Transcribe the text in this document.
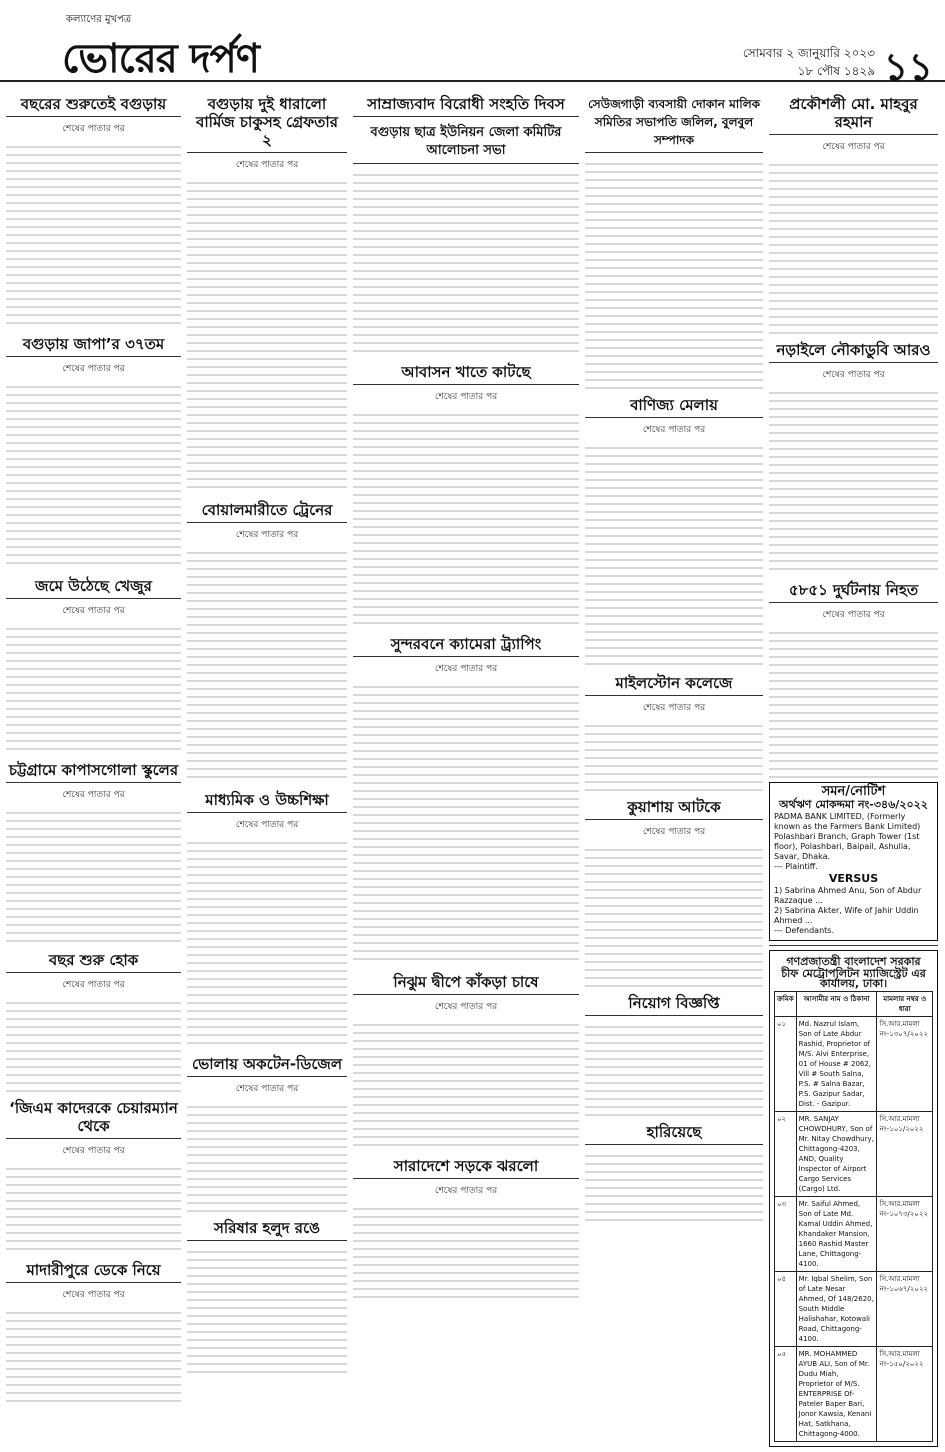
কল্যাণের মুখপত্র
ভোরের দর্পণ	সোমবার ২ জানুয়ারি ২০২৩
১৮ পৌষ ১৪২৯ ১১
বছরের শুরুতেই বগুড়ায়
শেষের পাতার পর
বগুড়ায় জাপা’র ৩৭তম
শেষের পাতার পর
জমে উঠেছে খেজুর
শেষের পাতার পর
চট্টগ্রামে কাপাসগোলা স্কুলের
শেষের পাতার পর
বছর শুরু হোক
শেষের পাতার পর
‘জিএম কাদেরকে চেয়ারম্যান থেকে
শেষের পাতার পর
মাদারীপুরে ডেকে নিয়ে
শেষের পাতার পর
বগুড়ায় দুই ধারালো বার্মিজ চাকুসহ গ্রেফতার ২
শেষের পাতার পর
বোয়ালমারীতে ট্রেনের
শেষের পাতার পর
মাধ্যমিক ও উচ্চশিক্ষা
শেষের পাতার পর
ভোলায় অকটেন-ডিজেল
শেষের পাতার পর
সরিষার হলুদ রঙে
সাম্রাজ্যবাদ বিরোধী সংহতি দিবস
বগুড়ায় ছাত্র ইউনিয়ন জেলা কমিটির আলোচনা সভা
আবাসন খাতে কাটছে
শেষের পাতার পর
সুন্দরবনে ক্যামেরা ট্র্যাপিং
শেষের পাতার পর
নিঝুম দ্বীপে কাঁকড়া চাষে
শেষের পাতার পর
সারাদেশে সড়কে ঝরলো
শেষের পাতার পর
সেউজগাড়ী ব্যবসায়ী দোকান মালিক সমিতির সভাপতি জলিল, বুলবুল সম্পাদক
বাণিজ্য মেলায়
শেষের পাতার পর
মাইলস্টোন কলেজে
শেষের পাতার পর
কুয়াশায় আটকে
শেষের পাতার পর
নিয়োগ বিজ্ঞপ্তি
হারিয়েছে
প্রকৌশলী মো. মাহবুর রহমান
শেষের পাতার পর
নড়াইলে নৌকাডুবি আরও
শেষের পাতার পর
৫৮৫১ দুর্ঘটনায় নিহত
শেষের পাতার পর
সমন/নোটিশ
অর্থঋণ মোকদ্দমা নং-৩৪৬/২০২২
PADMA BANK LIMITED, (Formerly known as the Farmers Bank Limited) Polashbari Branch, Graph Tower (1st floor), Polashbari, Baipail, Ashulia, Savar, Dhaka.
--- Plaintiff.
VERSUS
1) Sabrina Ahmed Anu, Son of Abdur Razzaque ...
2) Sabrina Akter, Wife of Jahir Uddin Ahmed ...
--- Defendants.
গণপ্রজাতন্ত্রী বাংলাদেশ সরকার
চীফ মেট্রোপলিটন ম্যাজিস্ট্রেট এর কার্যালয়, ঢাকা।
ক্রমিক	আসামীর নাম ও ঠিকানা	মামলার নম্বর ও ধারা
০১	Md. Nazrul Islam, Son of Late Abdur Rashid, Proprietor of M/S. Alvi Enterprise, 01 of House # 2062, Vill # South Salna, P.S. # Salna Bazar, P.S. Gazipur Sadar, Dist. - Gazipur.	সি.আর.মামলা নং-১৩০৭/২০২২
০২	MR. SANJAY CHOWDHURY, Son of Mr. Nitay Chowdhury, Chittagong-4203, AND, Quality Inspector of Airport Cargo Services (Cargo) Ltd.	সি.আর.মামলা নং-১০১/২০২২
০৩	Mr. Saiful Ahmed, Son of Late Md. Kamal Uddin Ahmed, Khandaker Mansion, 1660 Rashid Master Lane, Chittagong-4100.	সি.আর.মামলা নং-১০৭৩/২০২২
০৪	Mr. Iqbal Shelim, Son of Late Nesar Ahmed, Of 148/2620, South Middle Halishahar, Kotowali Road, Chittagong-4100.	সি.আর.মামলা নং-১০৬৭/২০২২
০৫	MR. MOHAMMED AYUB ALI, Son of Mr. Dudu Miah, Proprietor of M/S. ENTERPRISE Of-Pateler Baper Bari, Jonor Kawsia, Kenani Hat, Satkhana, Chittagong-4000.	সি.আর.মামলা নং-১৫০/২০২২
